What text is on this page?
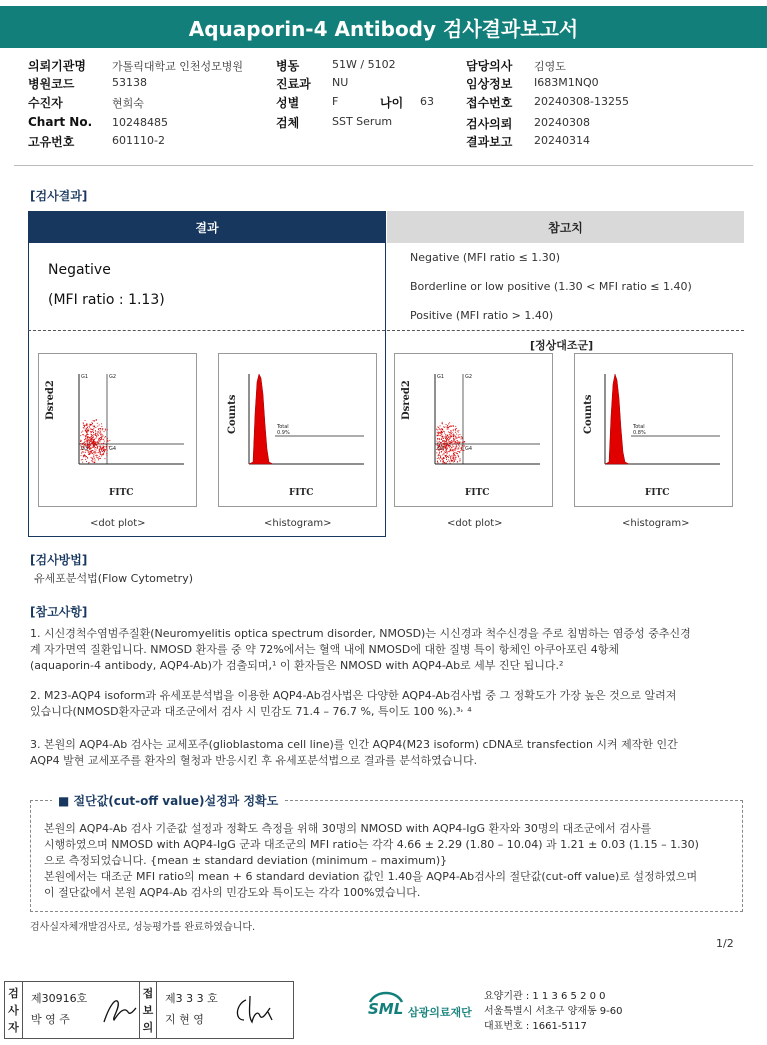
Aquaporin-4 Antibody 검사결과보고서
의뢰기관명 가톨릭대학교 인천성모병원
병원코드	53138
수진자	현희숙
Chart No. 10248485
고유번호	601110-2
병동	51W / 5102
진료과 NU
성별	F	나이 63
검체	SST Serum
담당의사 김영도
임상정보 I683M1NQ0
접수번호 20240308-13255
검사의뢰 20240308
결과보고 20240314
[검사결과]
결과	참고치
Negative
(MFI ratio : 1.13)
Negative (MFI ratio ≤ 1.30)
Borderline or low positive (1.30 < MFI ratio ≤ 1.40)
Positive (MFI ratio > 1.40)
[정상대조군]
G1	G2
G3	G4
Dsred2
FITC
<dot plot>
Total
0.9%
Counts
FITC
<histogram>
G1	G2
G3	G4
Dsred2
FITC
<dot plot>
Total
0.8%
Counts
FITC
<histogram>
[검사방법]
유세포분석법(Flow Cytometry)
[참고사항]
1. 시신경척수염범주질환(Neuromyelitis optica spectrum disorder, NMOSD)는 시신경과 척수신경을 주로 침범하는 염증성 중추신경
계 자가면역 질환입니다. NMOSD 환자를 중 약 72%에서는 혈액 내에 NMOSD에 대한 질병 특이 항체인 아쿠아포린 4항체
(aquaporin-4 antibody, AQP4-Ab)가 검출되며,¹ 이 환자들은 NMOSD with AQP4-Ab로 세부 진단 됩니다.²
2. M23-AQP4 isoform과 유세포분석법을 이용한 AQP4-Ab검사법은 다양한 AQP4-Ab검사법 중 그 정확도가 가장 높은 것으로 알려져
있습니다(NMOSD환자군과 대조군에서 검사 시 민감도 71.4 – 76.7 %, 특이도 100 %).³˒ ⁴
3. 본원의 AQP4-Ab 검사는 교세포주(glioblastoma cell line)를 인간 AQP4(M23 isoform) cDNA로 transfection 시켜 제작한 인간
AQP4 발현 교세포주를 환자의 혈청과 반응시킨 후 유세포분석법으로 결과를 분석하였습니다.
■ 절단값(cut-off value)설정과 정확도
본원의 AQP4-Ab 검사 기준값 설정과 정확도 측정을 위해 30명의 NMOSD with AQP4-IgG 환자와 30명의 대조군에서 검사를
시행하였으며 NMOSD with AQP4-IgG 군과 대조군의 MFI ratio는 각각 4.66 ± 2.29 (1.80 – 10.04) 과 1.21 ± 0.03 (1.15 – 1.30)
으로 측정되었습니다. {mean ± standard deviation (minimum – maximum)}
본원에서는 대조군 MFI ratio의 mean + 6 standard deviation 값인 1.40을 AQP4-Ab검사의 절단값(cut-off value)로 설정하였으며
이 절단값에서 본원 AQP4-Ab 검사의 민감도와 특이도는 각각 100%였습니다.
검사실자체개발검사로, 성능평가를 완료하였습니다.
1/2
검
사
자
제30916호
박 영 주
접
보
의
제3 3 3 호
지 현 영
SML 삼광의료재단
요양기관 : 1 1 3 6 5 2 0 0
서울특별시 서초구 양재동 9-60
대표번호 : 1661-5117
